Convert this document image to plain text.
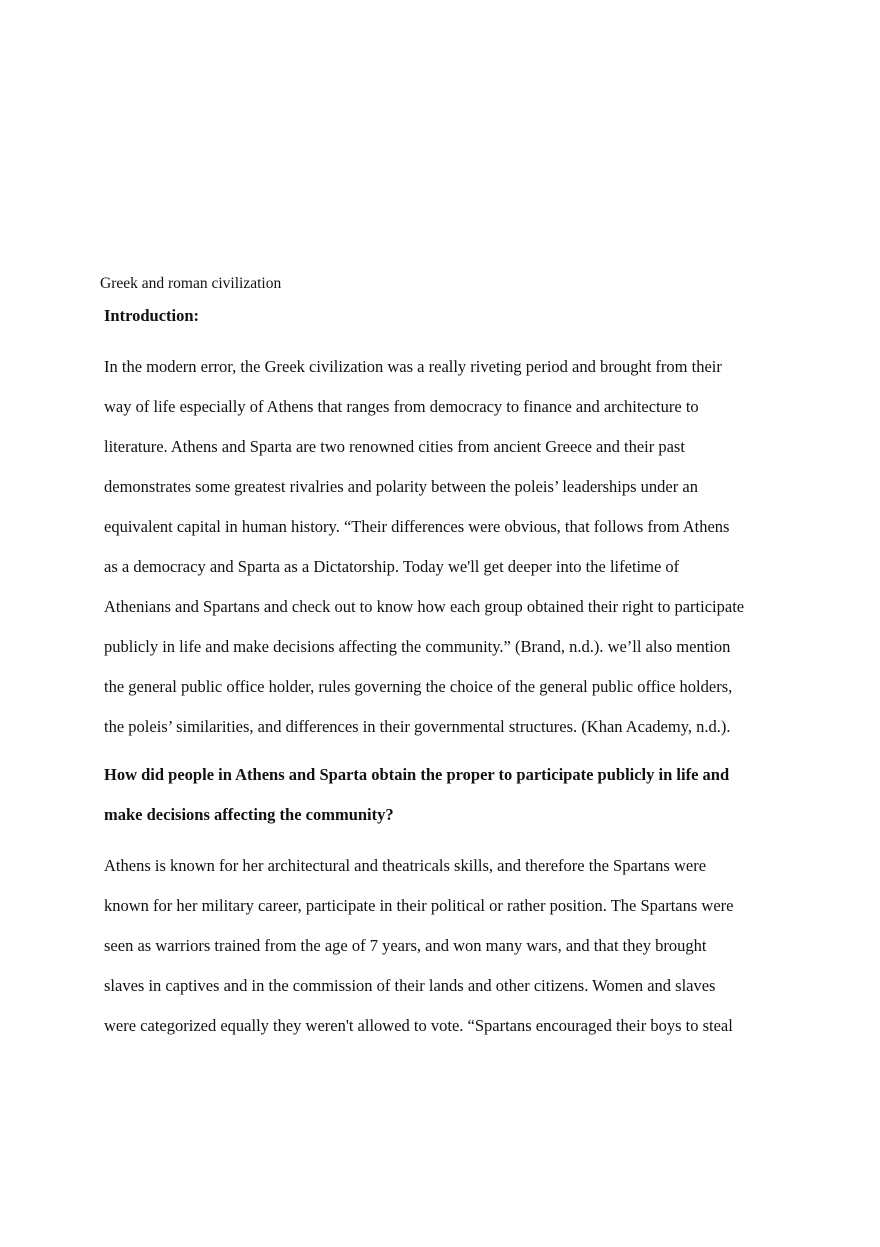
Greek and roman civilization
Introduction:
In the modern error, the Greek civilization was a really riveting period and brought from their
way of life especially of Athens that ranges from democracy to finance and architecture to
literature. Athens and Sparta are two renowned cities from ancient Greece and their past
demonstrates some greatest rivalries and polarity between the poleis’ leaderships under an
equivalent capital in human history. “Their differences were obvious, that follows from Athens
as a democracy and Sparta as a Dictatorship. Today we'll get deeper into the lifetime of
Athenians and Spartans and check out to know how each group obtained their right to participate
publicly in life and make decisions affecting the community.” (Brand, n.d.). we’ll also mention
the general public office holder, rules governing the choice of the general public office holders,
the poleis’ similarities, and differences in their governmental structures. (Khan Academy, n.d.).
How did people in Athens and Sparta obtain the proper to participate publicly in life and
make decisions affecting the community?
Athens is known for her architectural and theatricals skills, and therefore the Spartans were
known for her military career, participate in their political or rather position. The Spartans were
seen as warriors trained from the age of 7 years, and won many wars, and that they brought
slaves in captives and in the commission of their lands and other citizens. Women and slaves
were categorized equally they weren't allowed to vote. “Spartans encouraged their boys to steal
